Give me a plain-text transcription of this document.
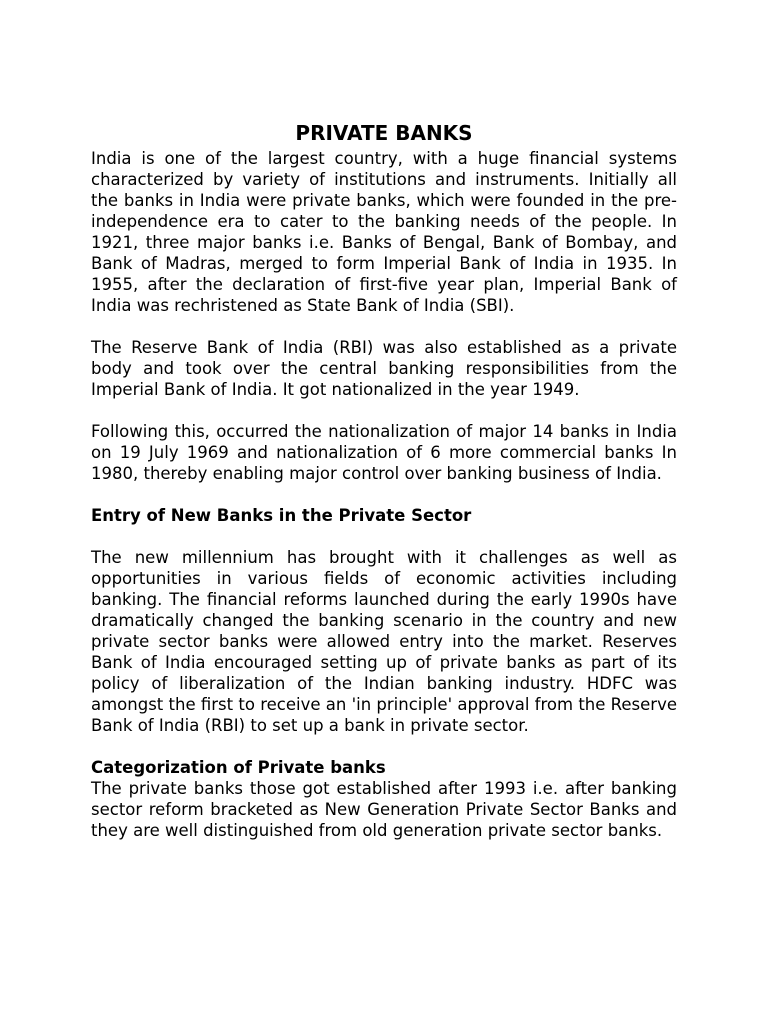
PRIVATE BANKS

India is one of the largest country, with a huge financial systems characterized by variety of institutions and instruments. Initially all the banks in India were private banks, which were founded in the pre-independence era to cater to the banking needs of the people. In 1921, three major banks i.e. Banks of Bengal, Bank of Bombay, and Bank of Madras, merged to form Imperial Bank of India in 1935. In 1955, after the declaration of first-five year plan, Imperial Bank of India was rechristened as State Bank of India (SBI).

The Reserve Bank of India (RBI) was also established as a private body and took over the central banking responsibilities from the Imperial Bank of India. It got nationalized in the year 1949.

Following this, occurred the nationalization of major 14 banks in India on 19 July 1969 and nationalization of 6 more commercial banks In 1980, thereby enabling major control over banking business of India.

Entry of New Banks in the Private Sector

The new millennium has brought with it challenges as well as opportunities in various fields of economic activities including banking. The financial reforms launched during the early 1990s have dramatically changed the banking scenario in the country and new private sector banks were allowed entry into the market. Reserves Bank of India encouraged setting up of private banks as part of its policy of liberalization of the Indian banking industry. HDFC was amongst the first to receive an 'in principle' approval from the Reserve Bank of India (RBI) to set up a bank in private sector.

Categorization of Private banks

The private banks those got established after 1993 i.e. after banking sector reform bracketed as New Generation Private Sector Banks and they are well distinguished from old generation private sector banks.
